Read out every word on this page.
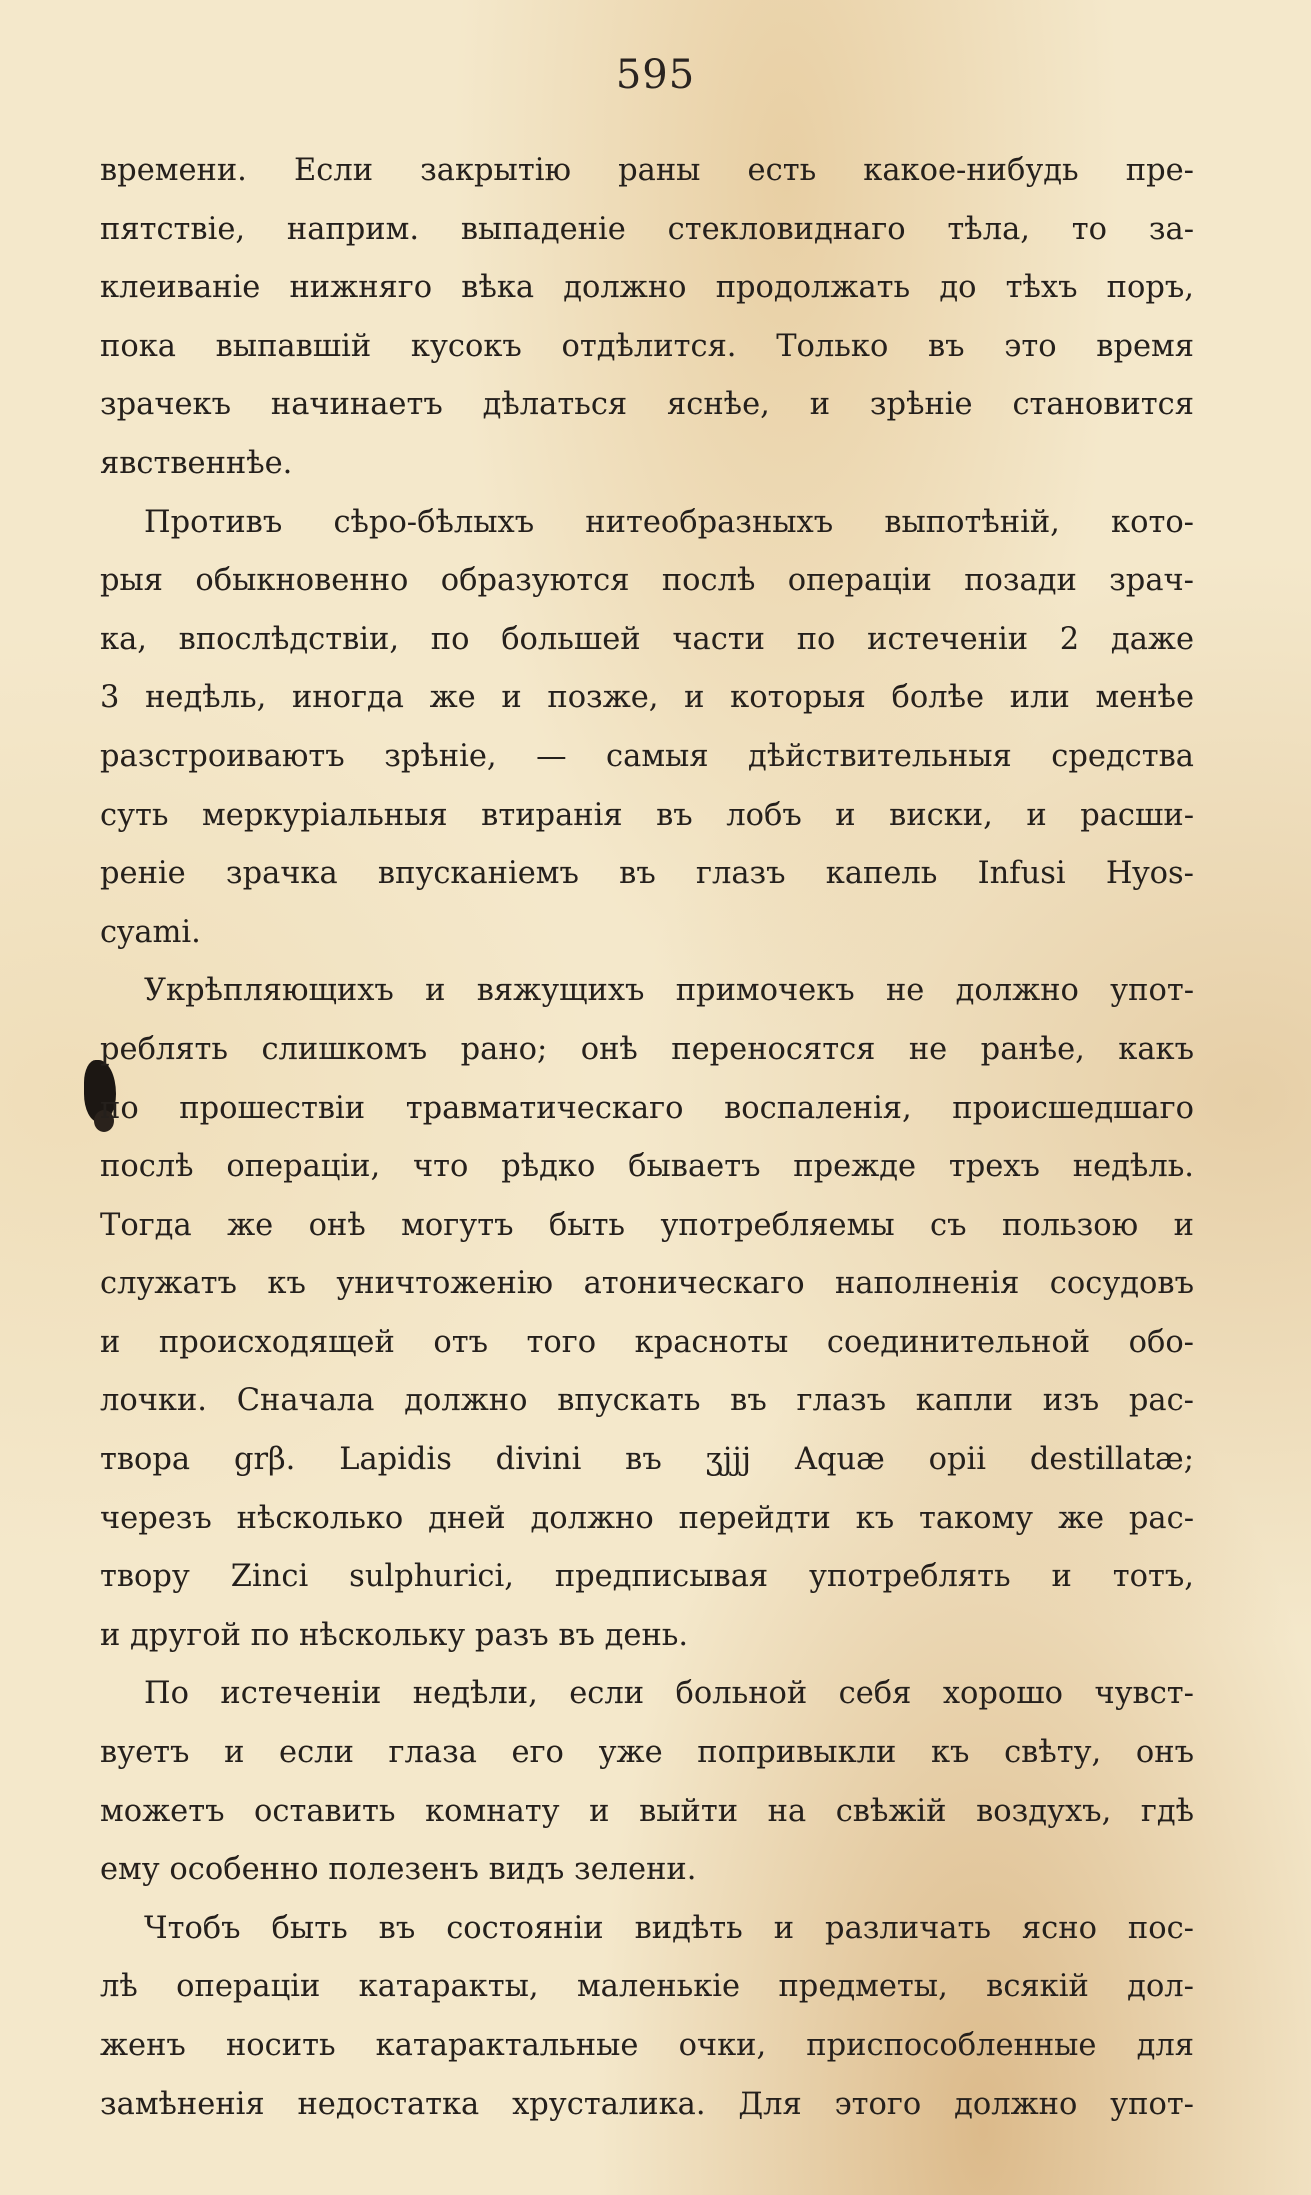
595
времени. Если закрытію раны есть какое-нибудь пре-
пятствіе, наприм. выпаденіе стекловиднаго тѣла, то за-
клеиваніе нижняго вѣка должно продолжать до тѣхъ поръ,
пока выпавшій кусокъ отдѣлится. Только въ это время
зрачекъ начинаетъ дѣлаться яснѣе, и зрѣніе становится
явственнѣе.
Противъ сѣро-бѣлыхъ нитеобразныхъ выпотѣній, кото-
рыя обыкновенно образуются послѣ операціи позади зрач-
ка, впослѣдствіи, по большей части по истеченіи 2 даже
3 недѣль, иногда же и позже, и которыя болѣе или менѣе
разстроиваютъ зрѣніе, — самыя дѣйствительныя средства
суть меркуріальныя втиранія въ лобъ и виски, и расши-
реніе зрачка впусканіемъ въ глазъ капель Infusi Hyos-
cyami.
Укрѣпляющихъ и вяжущихъ примочекъ не должно упот-
реблять слишкомъ рано; онѣ переносятся не ранѣе, какъ
по прошествіи травматическаго воспаленія, происшедшаго
послѣ операціи, что рѣдко бываетъ прежде трехъ недѣль.
Тогда же онѣ могутъ быть употребляемы съ пользою и
служатъ къ уничтоженію атоническаго наполненія сосудовъ
и происходящей отъ того краснoты соединительной обо-
лочки. Сначала должно впускать въ глазъ капли изъ рас-
твора grβ. Lapidis divini въ ʒjjj Aquæ opii destillatæ;
черезъ нѣсколько дней должно перейдти къ такому же рас-
твору Zinci sulphurici, предписывая употреблять и тотъ,
и другой по нѣскольку разъ въ день.
По истеченіи недѣли, если больной себя хорошо чувст-
вуетъ и если глаза его уже попривыкли къ свѣту, онъ
можетъ оставить комнату и выйти на свѣжій воздухъ, гдѣ
ему особенно полезенъ видъ зелени.
Чтобъ быть въ состояніи видѣть и различать ясно пос-
лѣ операціи катаракты, маленькіе предметы, всякій дол-
женъ носить катарактальные очки, приспособленные для
замѣненія недостатка хрусталика. Для этого должно упот-
